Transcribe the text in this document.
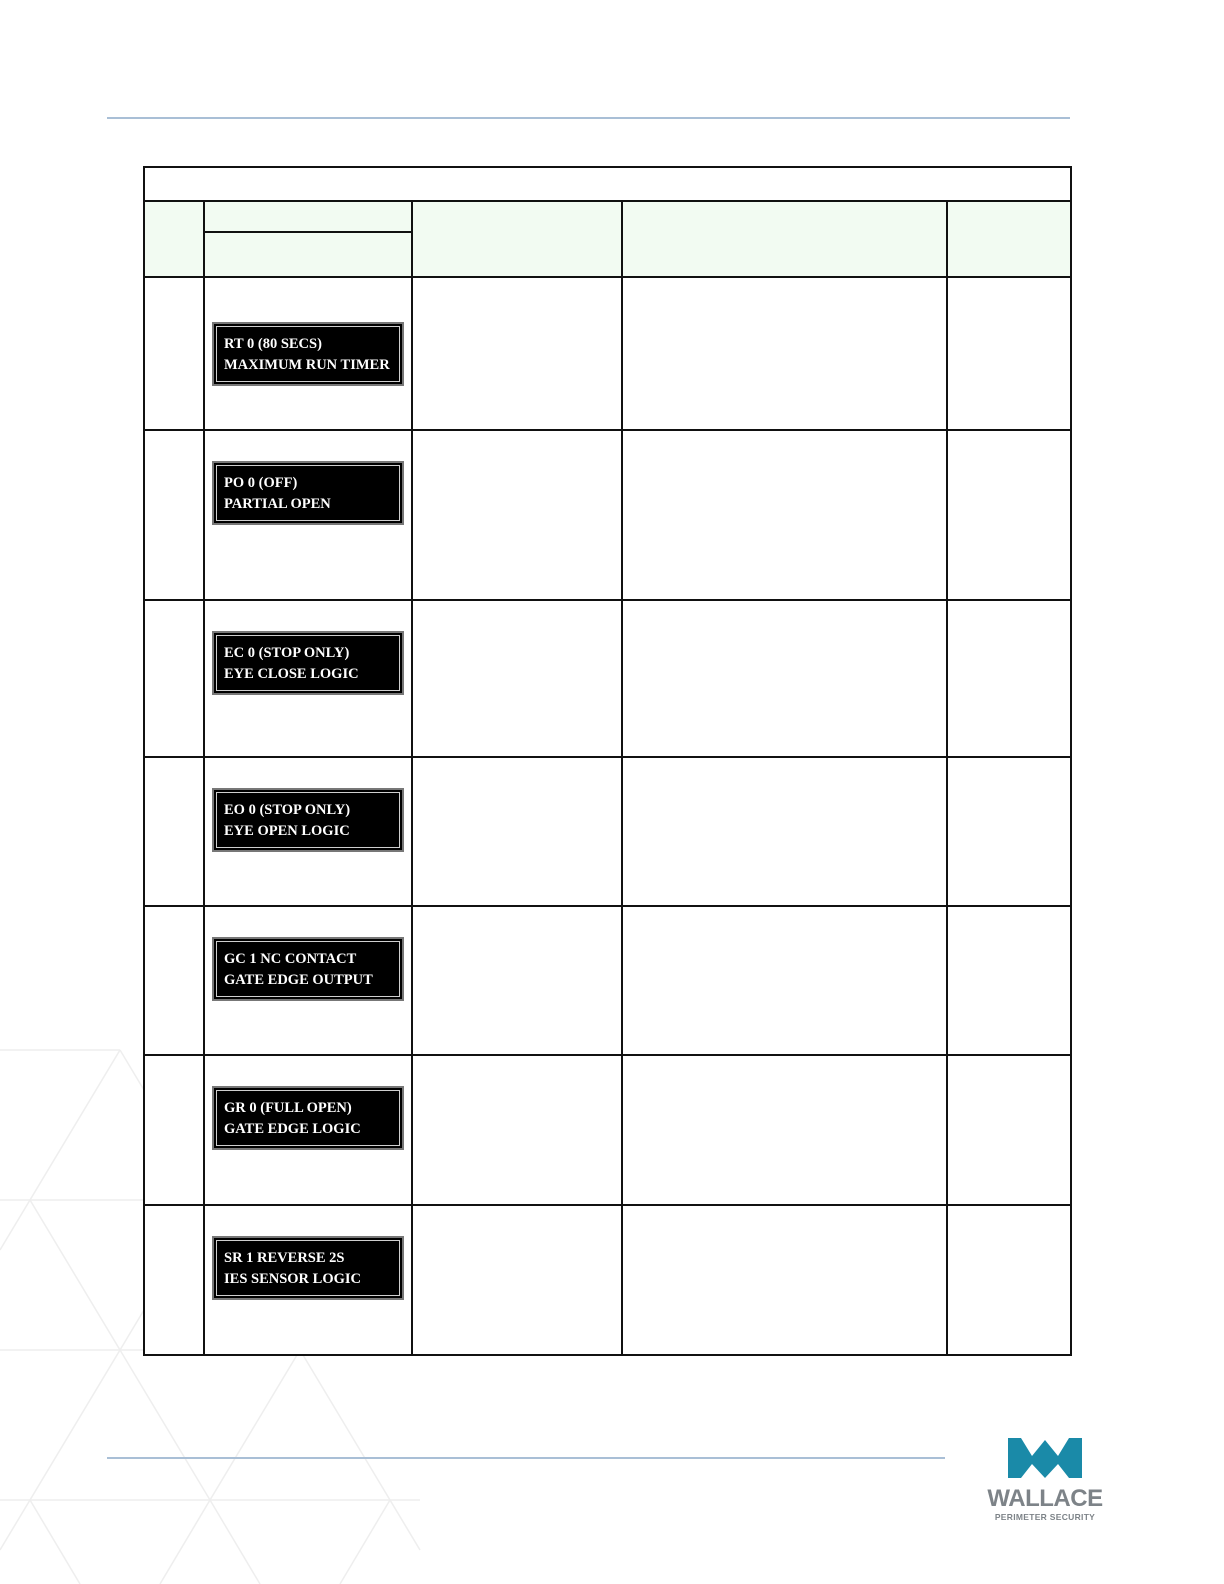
	RT 0 (80 SECS)
MAXIMUM RUN TIMER			

	PO 0 (OFF)
PARTIAL OPEN			

	EC 0 (STOP ONLY)
EYE CLOSE LOGIC			

	EO 0 (STOP ONLY)
EYE OPEN LOGIC			

	GC 1 NC CONTACT
GATE EDGE OUTPUT			

	GR 0 (FULL OPEN)
GATE EDGE LOGIC			

	SR 1 REVERSE 2S
IES SENSOR LOGIC			

WALLACE
PERIMETER SECURITY
